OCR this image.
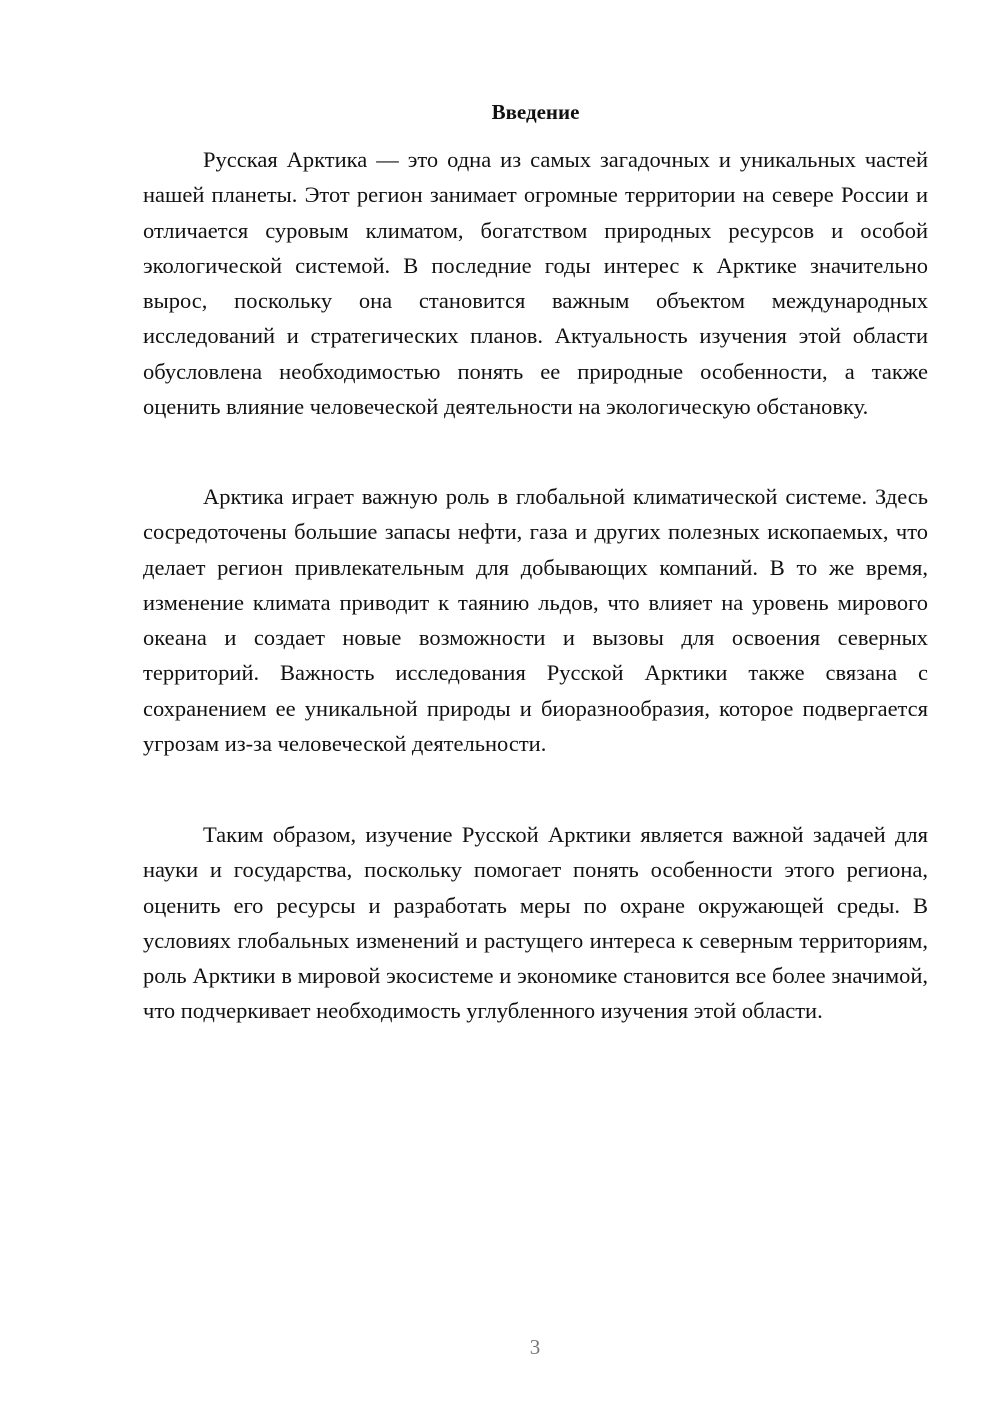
Введение

Русская Арктика — это одна из самых загадочных и уникальных частей нашей планеты. Этот регион занимает огромные территории на севере России и отличается суровым климатом, богатством природных ресурсов и особой экологической системой. В последние годы интерес к Арктике значительно вырос, поскольку она становится важным объектом международных исследований и стратегических планов. Актуальность изучения этой области обусловлена необходимостью понять ее природные особенности, а также оценить влияние человеческой деятельности на экологическую обстановку.

Арктика играет важную роль в глобальной климатической системе. Здесь сосредоточены большие запасы нефти, газа и других полезных ископаемых, что делает регион привлекательным для добывающих компаний. В то же время, изменение климата приводит к таянию льдов, что влияет на уровень мирового океана и создает новые возможности и вызовы для освоения северных территорий. Важность исследования Русской Арктики также связана с сохранением ее уникальной природы и биоразнообразия, которое подвергается угрозам из-за человеческой деятельности.

Таким образом, изучение Русской Арктики является важной задачей для науки и государства, поскольку помогает понять особенности этого региона, оценить его ресурсы и разработать меры по охране окружающей среды. В условиях глобальных изменений и растущего интереса к северным территориям, роль Арктики в мировой экосистеме и экономике становится все более значимой, что подчеркивает необходимость углубленного изучения этой области.

3
